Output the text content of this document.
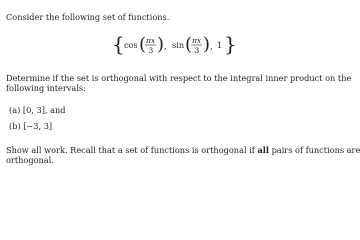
Consider the following set of functions.
{ cos ( πx
3 ) , sin ( πx
3 ) , 1 }
Determine if the set is orthogonal with respect to the integral inner product on the
following intervals:
(a) [0, 3], and
(b) [−3, 3]
Show all work. Recall that a set of functions is orthogonal if all pairs of functions are
orthogonal.
